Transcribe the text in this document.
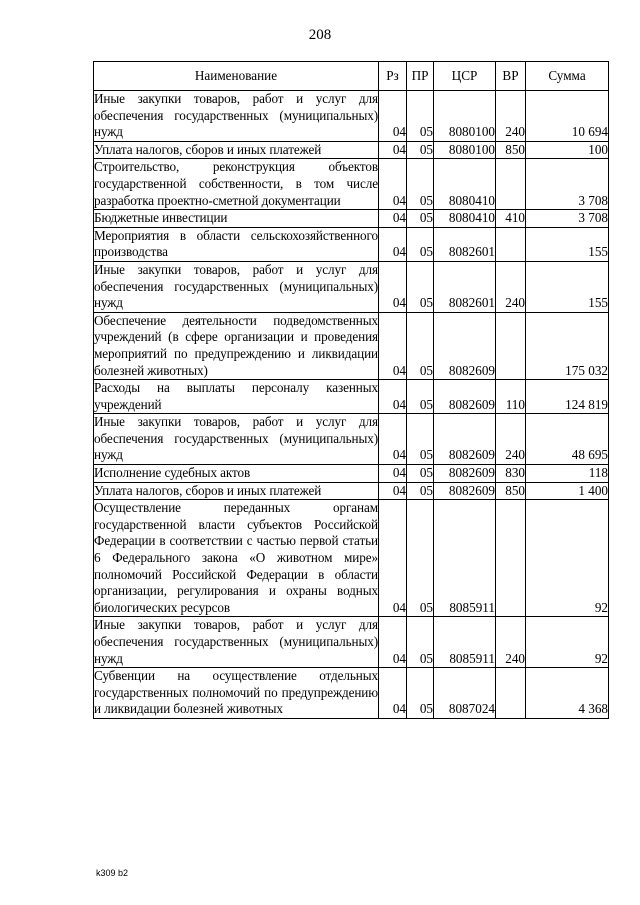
208
Наименование	Рз	ПР	ЦСР	ВР	Сумма
Иные закупки товаров, работ и услуг для обеспечения государственных (муниципальных) нужд	04	05	8080100	240	10 694
Уплата налогов, сборов и иных платежей	04	05	8080100	850	100
Строительство, реконструкция объектов государственной собственности, в том числе разработка проектно-сметной документации	04	05	8080410		3 708
Бюджетные инвестиции	04	05	8080410	410	3 708
Мероприятия в области сельскохозяйственного производства	04	05	8082601		155
Иные закупки товаров, работ и услуг для обеспечения государственных (муниципальных) нужд	04	05	8082601	240	155
Обеспечение деятельности подведомственных учреждений (в сфере организации и проведения мероприятий по предупреждению и ликвидации болезней животных)	04	05	8082609		175 032
Расходы на выплаты персоналу казенных учреждений	04	05	8082609	110	124 819
Иные закупки товаров, работ и услуг для обеспечения государственных (муниципальных) нужд	04	05	8082609	240	48 695
Исполнение судебных актов	04	05	8082609	830	118
Уплата налогов, сборов и иных платежей	04	05	8082609	850	1 400
Осуществление переданных органам государственной власти субъектов Российской Федерации в соответствии с частью первой статьи 6 Федерального закона «О животном мире» полномочий Российской Федерации в области организации, регулирования и охраны водных биологических ресурсов	04	05	8085911		92
Иные закупки товаров, работ и услуг для обеспечения государственных (муниципальных) нужд	04	05	8085911	240	92
Субвенции на осуществление отдельных государственных полномочий по предупреждению и ликвидации болезней животных	04	05	8087024		4 368
k309 b2
